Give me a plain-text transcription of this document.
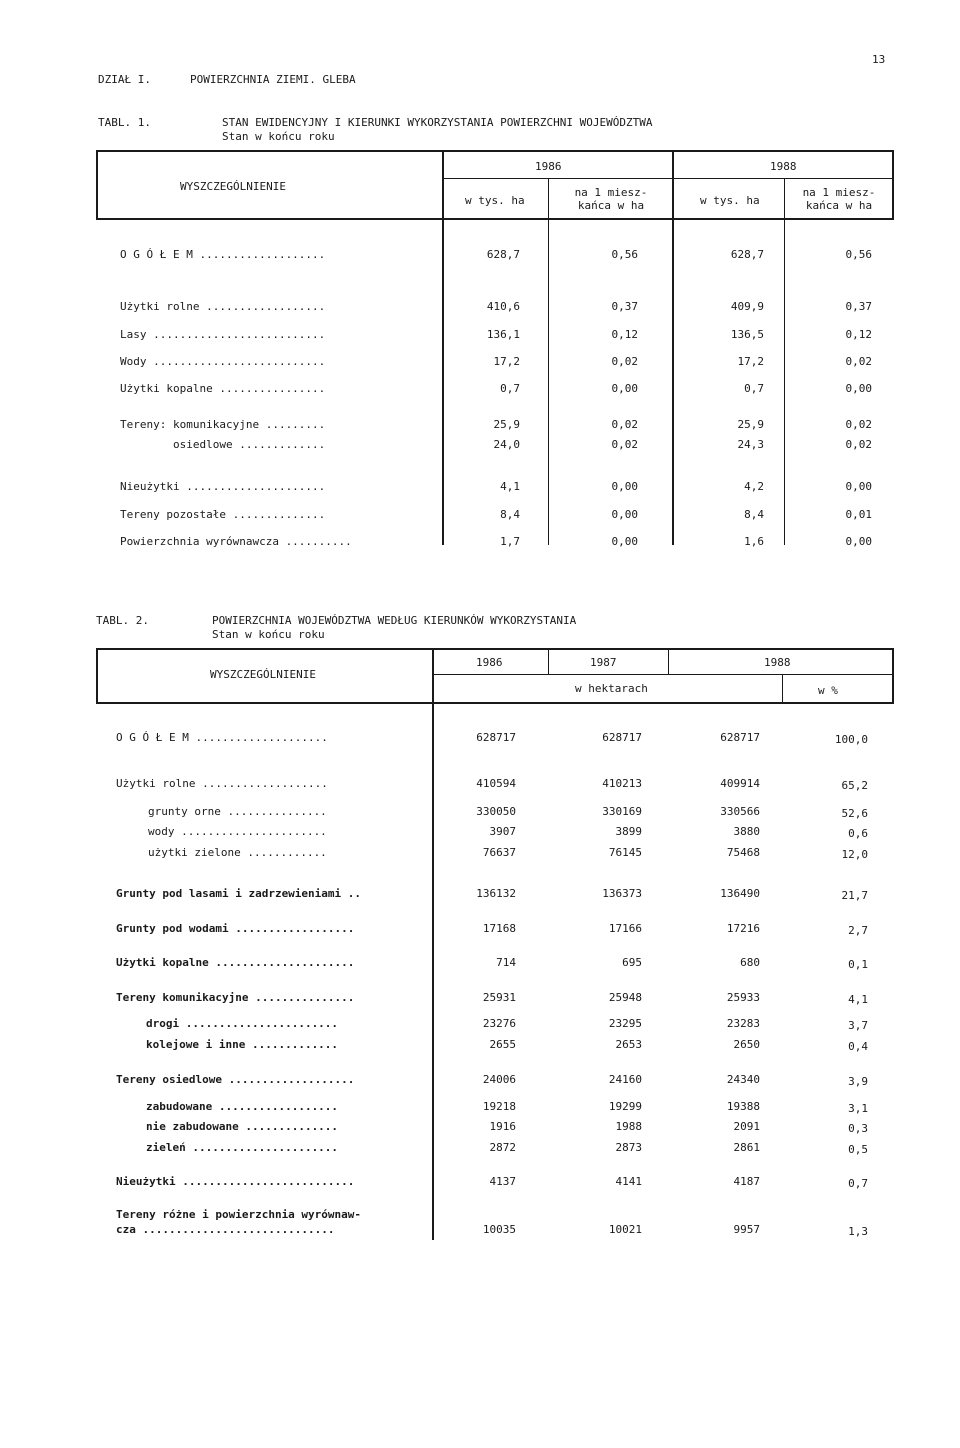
13
DZIAŁ I.	POWIERZCHNIA ZIEMI. GLEBA
TABL. 1.	STAN EWIDENCYJNY I KIERUNKI WYKORZYSTANIA POWIERZCHNI WOJEWÓDZTWA
Stan w końcu roku
WYSZCZEGÓLNIENIE
1986	1988
w tys. ha
na 1 miesz-
kańca w ha	w tys. ha
na 1 miesz-
kańca w ha
O G Ó Ł E M ...................	628,7	0,56	628,7	0,56
Użytki rolne ..................	410,6	0,37	409,9	0,37
Lasy ..........................	136,1	0,12	136,5	0,12
Wody ..........................	17,2	0,02	17,2	0,02
Użytki kopalne ................	0,7	0,00	0,7	0,00
Tereny: komunikacyjne .........	25,9	0,02	25,9	0,02
osiedlowe .............	24,0	0,02	24,3	0,02
Nieużytki .....................	4,1	0,00	4,2	0,00
Tereny pozostałe ..............	8,4	0,00	8,4	0,01
Powierzchnia wyrównawcza ..........	1,7	0,00	1,6	0,00
TABL. 2.	POWIERZCHNIA WOJEWÓDZTWA WEDŁUG KIERUNKÓW WYKORZYSTANIA
Stan w końcu roku
WYSZCZEGÓLNIENIE
1986	1987	1988
w hektarach	w %
O G Ó Ł E M ....................	628717	628717	628717	100,0
Użytki rolne ...................	410594	410213	409914	65,2
grunty orne ...............	330050	330169	330566	52,6
wody ......................	3907	3899	3880	0,6
użytki zielone ............	76637	76145	75468	12,0
Grunty pod lasami i zadrzewieniami ..	136132	136373	136490	21,7
Grunty pod wodami ..................	17168	17166	17216	2,7
Użytki kopalne .....................	714	695	680	0,1
Tereny komunikacyjne ...............	25931	25948	25933	4,1
drogi .......................	23276	23295	23283	3,7
kolejowe i inne .............	2655	2653	2650	0,4
Tereny osiedlowe ...................	24006	24160	24340	3,9
zabudowane ..................	19218	19299	19388	3,1
nie zabudowane ..............	1916	1988	2091	0,3
zieleń ......................	2872	2873	2861	0,5
Nieużytki ..........................	4137	4141	4187	0,7
Tereny różne i powierzchnia wyrównaw-
cza .............................	10035	10021	9957	1,3
